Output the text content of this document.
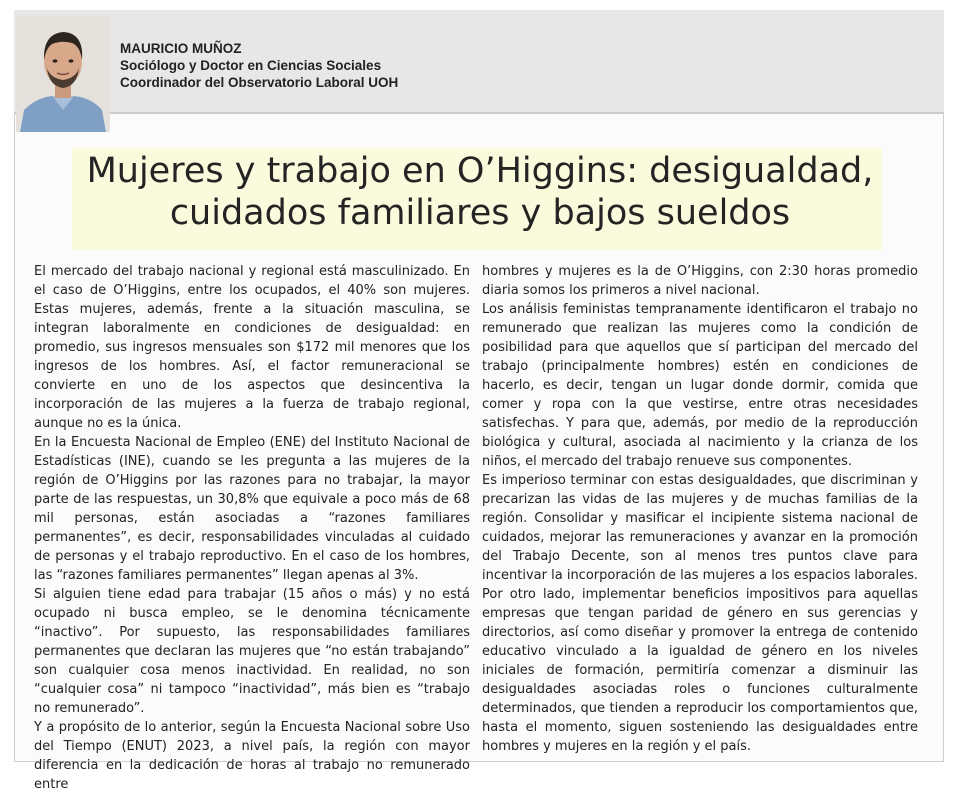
MAURICIO MUÑOZ
Sociólogo y Doctor en Ciencias Sociales
Coordinador del Observatorio Laboral UOH
Mujeres y trabajo en O’Higgins: desigualdad,
cuidados familiares y bajos sueldos

El mercado del trabajo nacional y regional está masculinizado. En el caso de O’Higgins, entre los ocupados, el 40% son mujeres. Estas mujeres, además, frente a la situación masculina, se integran laboralmente en condiciones de desigualdad: en promedio, sus ingresos mensuales son $172 mil menores que los ingresos de los hombres. Así, el factor remuneracional se convierte en uno de los aspectos que desincentiva la incorporación de las mujeres a la fuerza de trabajo regional, aunque no es la única.

En la Encuesta Nacional de Empleo (ENE) del Instituto Nacional de Estadísticas (INE), cuando se les pregunta a las mujeres de la región de O’Higgins por las razones para no trabajar, la mayor parte de las respuestas, un 30,8% que equivale a poco más de 68 mil personas, están asociadas a “razones familiares permanentes”, es decir, responsabilidades vinculadas al cuidado de personas y el trabajo reproductivo. En el caso de los hombres, las “razones familiares permanentes” llegan apenas al 3%.

Si alguien tiene edad para trabajar (15 años o más) y no está ocupado ni busca empleo, se le denomina técnicamente “inactivo”. Por supuesto, las responsabilidades familiares permanentes que declaran las mujeres que “no están trabajando” son cualquier cosa menos inactividad. En realidad, no son “cualquier cosa” ni tampoco “inactividad”, más bien es “trabajo no remunerado”.

Y a propósito de lo anterior, según la Encuesta Nacional sobre Uso del Tiempo (ENUT) 2023, a nivel país, la región con mayor diferencia en la dedicación de horas al trabajo no remunerado entre

hombres y mujeres es la de O’Higgins, con 2:30 horas promedio diaria somos los primeros a nivel nacional.

Los análisis feministas tempranamente identificaron el trabajo no remunerado que realizan las mujeres como la condición de posibilidad para que aquellos que sí participan del mercado del trabajo (principalmente hombres) estén en condiciones de hacerlo, es decir, tengan un lugar donde dormir, comida que comer y ropa con la que vestirse, entre otras necesidades satisfechas. Y para que, además, por medio de la reproducción biológica y cultural, asociada al nacimiento y la crianza de los niños, el mercado del trabajo renueve sus componentes.

Es imperioso terminar con estas desigualdades, que discriminan y precarizan las vidas de las mujeres y de muchas familias de la región. Consolidar y masificar el incipiente sistema nacional de cuidados, mejorar las remuneraciones y avanzar en la promoción del Trabajo Decente, son al menos tres puntos clave para incentivar la incorporación de las mujeres a los espacios laborales. Por otro lado, implementar beneficios impositivos para aquellas empresas que tengan paridad de género en sus gerencias y directorios, así como diseñar y promover la entrega de contenido educativo vinculado a la igualdad de género en los niveles iniciales de formación, permitiría comenzar a disminuir las desigualdades asociadas roles o funciones culturalmente determinados, que tienden a reproducir los comportamientos que, hasta el momento, siguen sosteniendo las desigualdades entre hombres y mujeres en la región y el país.
